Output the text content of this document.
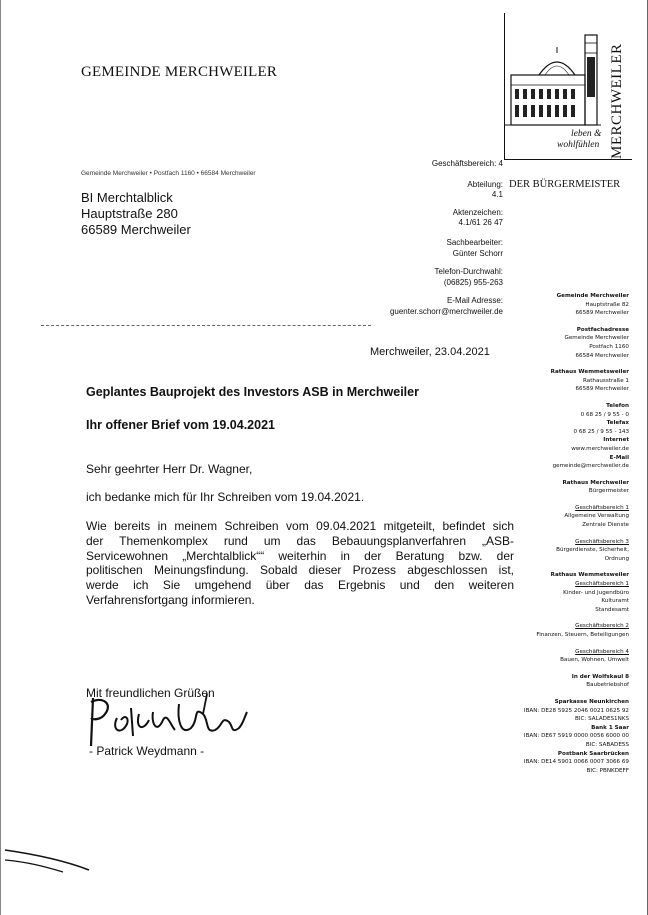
GEMEINDE MERCHWEILER
Gemeinde Merchweiler • Postfach 1160 • 66584 Merchweiler
MERCHWEILER
leben &
wohlfühlen
DER BÜRGERMEISTER
BI Merchtalblick
Hauptstraße 280
66589 Merchweiler
Geschäftsbereich: 4
Abteilung:
4.1
Aktenzeichen:
4.1/61 26 47
Sachbearbeiter:
Günter Schorr
Telefon-Durchwahl:
(06825) 955-263
E-Mail Adresse:
guenter.schorr@merchweiler.de
Gemeinde Merchweiler
Hauptstraße 82
66589 Merchweiler
Postfachadresse
Gemeinde Merchweiler
Postfach 1160
66584 Merchweiler
Rathaus Wemmetsweiler
Rathausstraße 1
66589 Merchweiler
Telefon
0 68 25 / 9 55 - 0
Telefax
0 68 25 / 9 55 - 143
Internet
www.merchweiler.de
E-Mail
gemeinde@merchweiler.de
Rathaus Merchweiler
Bürgermeister
Geschäftsbereich 1
Allgemeine Verwaltung
Zentrale Dienste
Geschäftsbereich 3
Bürgerdienste, Sicherheit,
Ordnung
Rathaus Wemmetsweiler
Geschäftsbereich 1
Kinder- und Jugendbüro
Kulturamt
Standesamt
Geschäftsbereich 2
Finanzen, Steuern, Beteiligungen
Geschäftsbereich 4
Bauen, Wohnen, Umwelt
In der Wolfskaul 8
Baubetriebshof
Sparkasse Neunkirchen
IBAN: DE28 5925 2046 0021 0625 92
BIC: SALADES1NKS
Bank 1 Saar
IBAN: DE67 5919 0000 0056 6000 00
BIC: SABADE5S
Postbank Saarbrücken
IBAN: DE14 5901 0066 0007 3066 69
BIC: PBNKDEFF
Merchweiler, 23.04.2021
Geplantes Bauprojekt des Investors ASB in Merchweiler
Ihr offener Brief vom 19.04.2021
Sehr geehrter Herr Dr. Wagner,
ich bedanke mich für Ihr Schreiben vom 19.04.2021.
Wie bereits in meinem Schreiben vom 09.04.2021 mitgeteilt, befindet sich
der Themenkomplex rund um das Bebauungsplanverfahren „ASB-
Servicewohnen „Merchtalblick““ weiterhin in der Beratung bzw. der
politischen Meinungsfindung. Sobald dieser Prozess abgeschlossen ist,
werde ich Sie umgehend über das Ergebnis und den weiteren
Verfahrensfortgang informieren.
Mit freundlichen Grüßen
- Patrick Weydmann -
